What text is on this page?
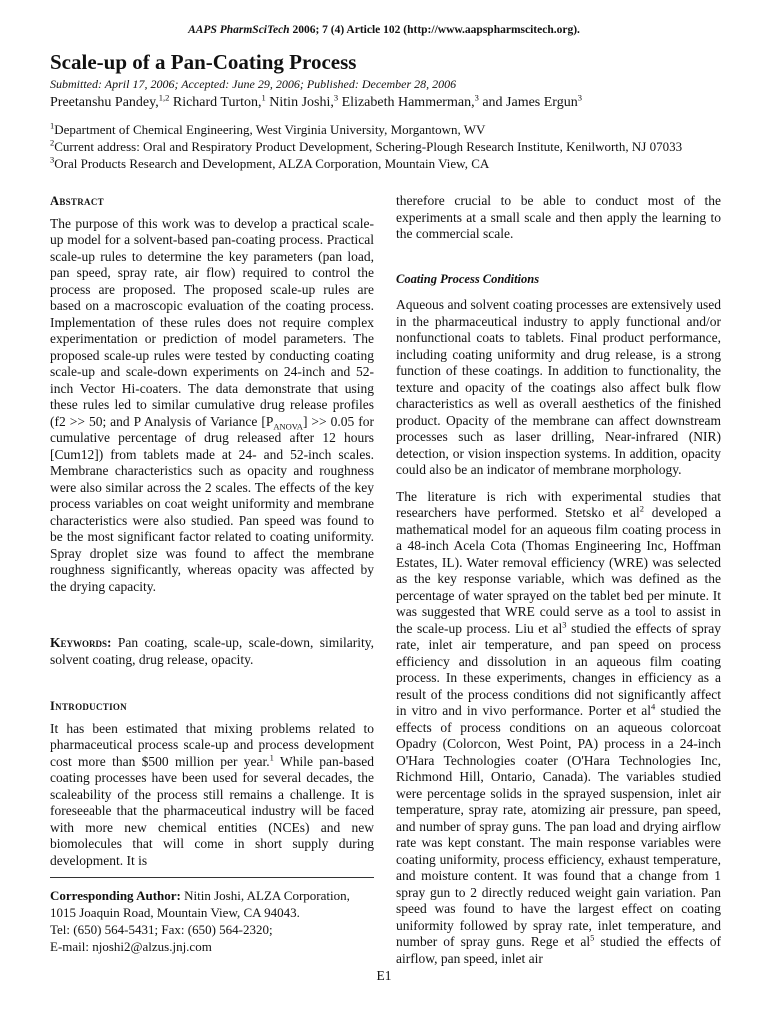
AAPS PharmSciTech 2006; 7 (4) Article 102 (http://www.aapspharmscitech.org).
Scale-up of a Pan-Coating Process
Submitted: April 17, 2006; Accepted: June 29, 2006; Published: December 28, 2006
Preetanshu Pandey,$^{1,2}$ Richard Turton,$^1$ Nitin Joshi,$^3$ Elizabeth Hammerman,$^3$ and James Ergun$^3$
$^1$Department of Chemical Engineering, West Virginia University, Morgantown, WV
$^2$Current address: Oral and Respiratory Product Development, Schering-Plough Research Institute, Kenilworth, NJ 07033
$^3$Oral Products Research and Development, ALZA Corporation, Mountain View, CA
Abstract

The purpose of this work was to develop a practical scale-up model for a solvent-based pan-coating process. Practical scale-up rules to determine the key parameters (pan load, pan speed, spray rate, air flow) required to control the process are proposed. The proposed scale-up rules are based on a macroscopic evaluation of the coating process. Implementation of these rules does not require complex experimentation or prediction of model parameters. The proposed scale-up rules were tested by conducting coating scale-up and scale-down experiments on 24-inch and 52-inch Vector Hi-coaters. The data demonstrate that using these rules led to similar cumulative drug release profiles (f2 >> 50; and P Analysis of Variance $[P_{ANOVA}] >> 0.05$ for cumulative percentage of drug released after 12 hours [Cum12]) from tablets made at 24- and 52-inch scales. Membrane characteristics such as opacity and roughness were also similar across the 2 scales. The effects of the key process variables on coat weight uniformity and membrane characteristics were also studied. Pan speed was found to be the most significant factor related to coating uniformity. Spray droplet size was found to affect the membrane roughness significantly, whereas opacity was affected by the drying capacity.

Keywords: Pan coating, scale-up, scale-down, similarity, solvent coating, drug release, opacity.

Introduction

It has been estimated that mixing problems related to pharmaceutical process scale-up and process development cost more than $500 million per year.$^1$ While pan-based coating processes have been used for several decades, the scaleability of the process still remains a challenge. It is foreseeable that the pharmaceutical industry will be faced with more new chemical entities (NCEs) and new biomolecules that will come in short supply during development. It is

Corresponding Author: Nitin Joshi, ALZA Corporation,
1015 Joaquin Road, Mountain View, CA 94043.
Tel: (650) 564-5431; Fax: (650) 564-2320;
E-mail: njoshi2@alzus.jnj.com

therefore crucial to be able to conduct most of the experiments at a small scale and then apply the learning to the commercial scale.

Coating Process Conditions

Aqueous and solvent coating processes are extensively used in the pharmaceutical industry to apply functional and/or nonfunctional coats to tablets. Final product performance, including coating uniformity and drug release, is a strong function of these coatings. In addition to functionality, the texture and opacity of the coatings also affect bulk flow characteristics as well as overall aesthetics of the finished product. Opacity of the membrane can affect downstream processes such as laser drilling, Near-infrared (NIR) detection, or vision inspection systems. In addition, opacity could also be an indicator of membrane morphology.

The literature is rich with experimental studies that researchers have performed. Stetsko et $al^2$ developed a mathematical model for an aqueous film coating process in a 48-inch Acela Cota (Thomas Engineering Inc, Hoffman Estates, IL). Water removal efficiency (WRE) was selected as the key response variable, which was defined as the percentage of water sprayed on the tablet bed per minute. It was suggested that WRE could serve as a tool to assist in the scale-up process. Liu et $al^3$ studied the effects of spray rate, inlet air temperature, and pan speed on process efficiency and dissolution in an aqueous film coating process. In these experiments, changes in efficiency as a result of the process conditions did not significantly affect in vitro and in vivo performance. Porter et $al^4$ studied the effects of process conditions on an aqueous colorcoat Opadry (Colorcon, West Point, PA) process in a 24-inch O'Hara Technologies coater (O'Hara Technologies Inc, Richmond Hill, Ontario, Canada). The variables studied were percentage solids in the sprayed suspension, inlet air temperature, spray rate, atomizing air pressure, pan speed, and number of spray guns. The pan load and drying airflow rate was kept constant. The main response variables were coating uniformity, process efficiency, exhaust temperature, and moisture content. It was found that a change from 1 spray gun to 2 directly reduced weight gain variation. Pan speed was found to have the largest effect on coating uniformity followed by spray rate, inlet temperature, and number of spray guns. Rege et $al^5$ studied the effects of airflow, pan speed, inlet air

E1
